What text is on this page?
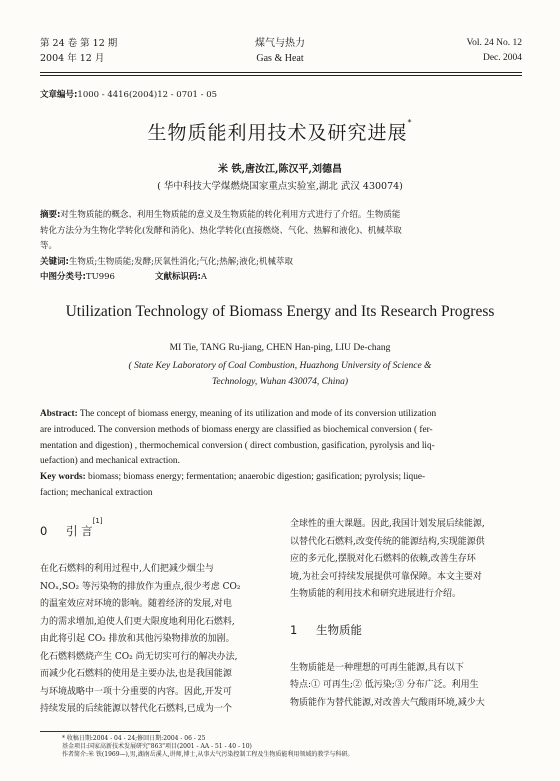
第 24 卷 第 12 期
2004 年 12 月
煤气与热力
Gas & Heat
Vol. 24 No. 12
Dec. 2004
文章编号:1000 - 4416(2004)12 - 0701 - 05
生物质能利用技术及研究进展*
米 铁,唐汝江,陈汉平,刘德昌
( 华中科技大学煤燃烧国家重点实验室,湖北 武汉 430074)
摘要:对生物质能的概念、利用生物质能的意义及生物质能的转化利用方式进行了介绍。生物质能
转化方法分为生物化学转化(发酵和消化)、热化学转化(直接燃烧、气化、热解和液化)、机械萃取
等。
关键词:生物质;生物质能;发酵;厌氧性消化;气化;热解;液化;机械萃取
中图分类号:TU996	文献标识码:A
Utilization Technology of Biomass Energy and Its Research Progress
MI Tie, TANG Ru-jiang, CHEN Han-ping, LIU De-chang
( State Key Laboratory of Coal Combustion, Huazhong University of Science &
Technology, Wuhan 430074, China)
Abstract: The concept of biomass energy, meaning of its utilization and mode of its conversion utilization
are introduced. The conversion methods of biomass energy are classified as biochemical conversion ( fer-
mentation and digestion) , thermochemical conversion ( direct combustion, gasification, pyrolysis and liq-
uefaction) and mechanical extraction.
Key words: biomass; biomass energy; fermentation; anaerobic digestion; gasification; pyrolysis; lique-
faction; mechanical extraction
0 引 言[1]
在化石燃料的利用过程中,人们把减少烟尘与
NOₓ,SO₂ 等污染物的排放作为重点,很少考虑 CO₂
的温室效应对环境的影响。随着经济的发展,对电
力的需求增加,迫使人们更大限度地利用化石燃料,
由此将引起 CO₂ 排放和其他污染物排放的加剧。
化石燃料燃烧产生 CO₂ 尚无切实可行的解决办法,
而减少化石燃料的使用是主要办法,也是我国能源
与环境战略中一项十分重要的内容。因此,开发可
持续发展的后续能源以替代化石燃料,已成为一个
全球性的重大课题。因此,我国计划发展后续能源,
以替代化石燃料,改变传统的能源结构,实现能源供
应的多元化,摆脱对化石燃料的依赖,改善生存环
境,为社会可持续发展提供可靠保障。本文主要对
生物质能的利用技术和研究进展进行介绍。
1 生物质能
生物质能是一种理想的可再生能源,具有以下
特点:① 可再生;② 低污染;③ 分布广泛。利用生
物质能作为替代能源,对改善大气酸雨环境,减少大
* 收稿日期:2004 - 04 - 24;修回日期:2004 - 06 - 25
基金项目:国家高新技术发展研究"863"项目(2001 - AA - 51 - 40 - 10)
作者简介:米 铁(1969—),男,湖南岳溪人,讲师,博士,从事大气污染控制工程及生物质能利用领域的教学与科研。
